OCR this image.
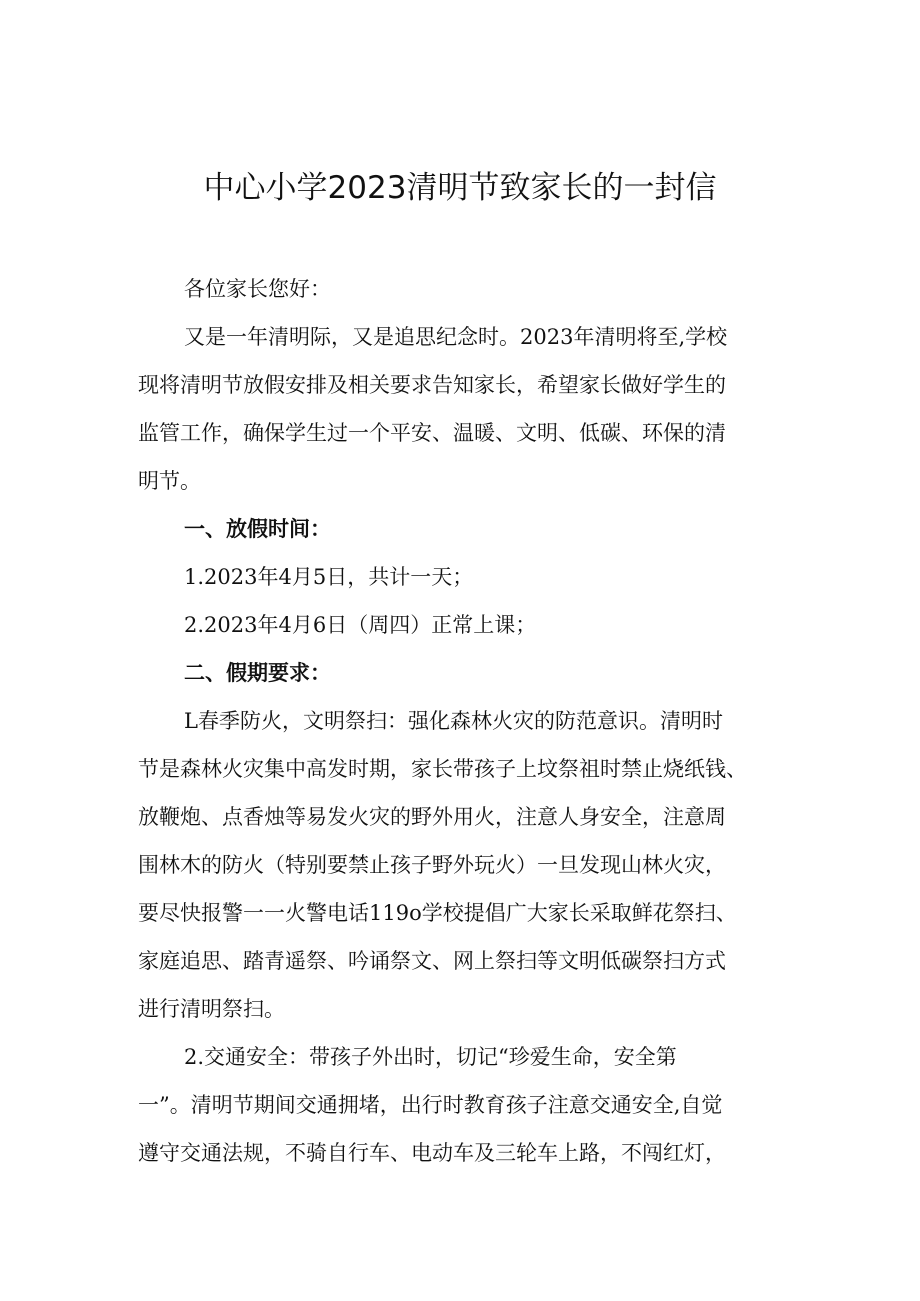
中心小学2023清明节致家长的一封信
各位家长您好：
又是一年清明际，又是追思纪念时。2023年清明将至,学校
现将清明节放假安排及相关要求告知家长，希望家长做好学生的
监管工作，确保学生过一个平安、温暖、文明、低碳、环保的清
明节。
一、放假时间：
1.2023年4月5日，共计一天；
2.2023年4月6日（周四）正常上课；
二、假期要求：
L春季防火，文明祭扫：强化森林火灾的防范意识。清明时
节是森林火灾集中高发时期，家长带孩子上坟祭祖时禁止烧纸钱、
放鞭炮、点香烛等易发火灾的野外用火，注意人身安全，注意周
围林木的防火（特别要禁止孩子野外玩火）一旦发现山林火灾，
要尽快报警一一火警电话119o学校提倡广大家长采取鲜花祭扫、
家庭追思、踏青遥祭、吟诵祭文、网上祭扫等文明低碳祭扫方式
进行清明祭扫。
2.交通安全：带孩子外出时，切记“珍爱生命，安全第
一”。清明节期间交通拥堵，出行时教育孩子注意交通安全,自觉
遵守交通法规，不骑自行车、电动车及三轮车上路，不闯红灯，
